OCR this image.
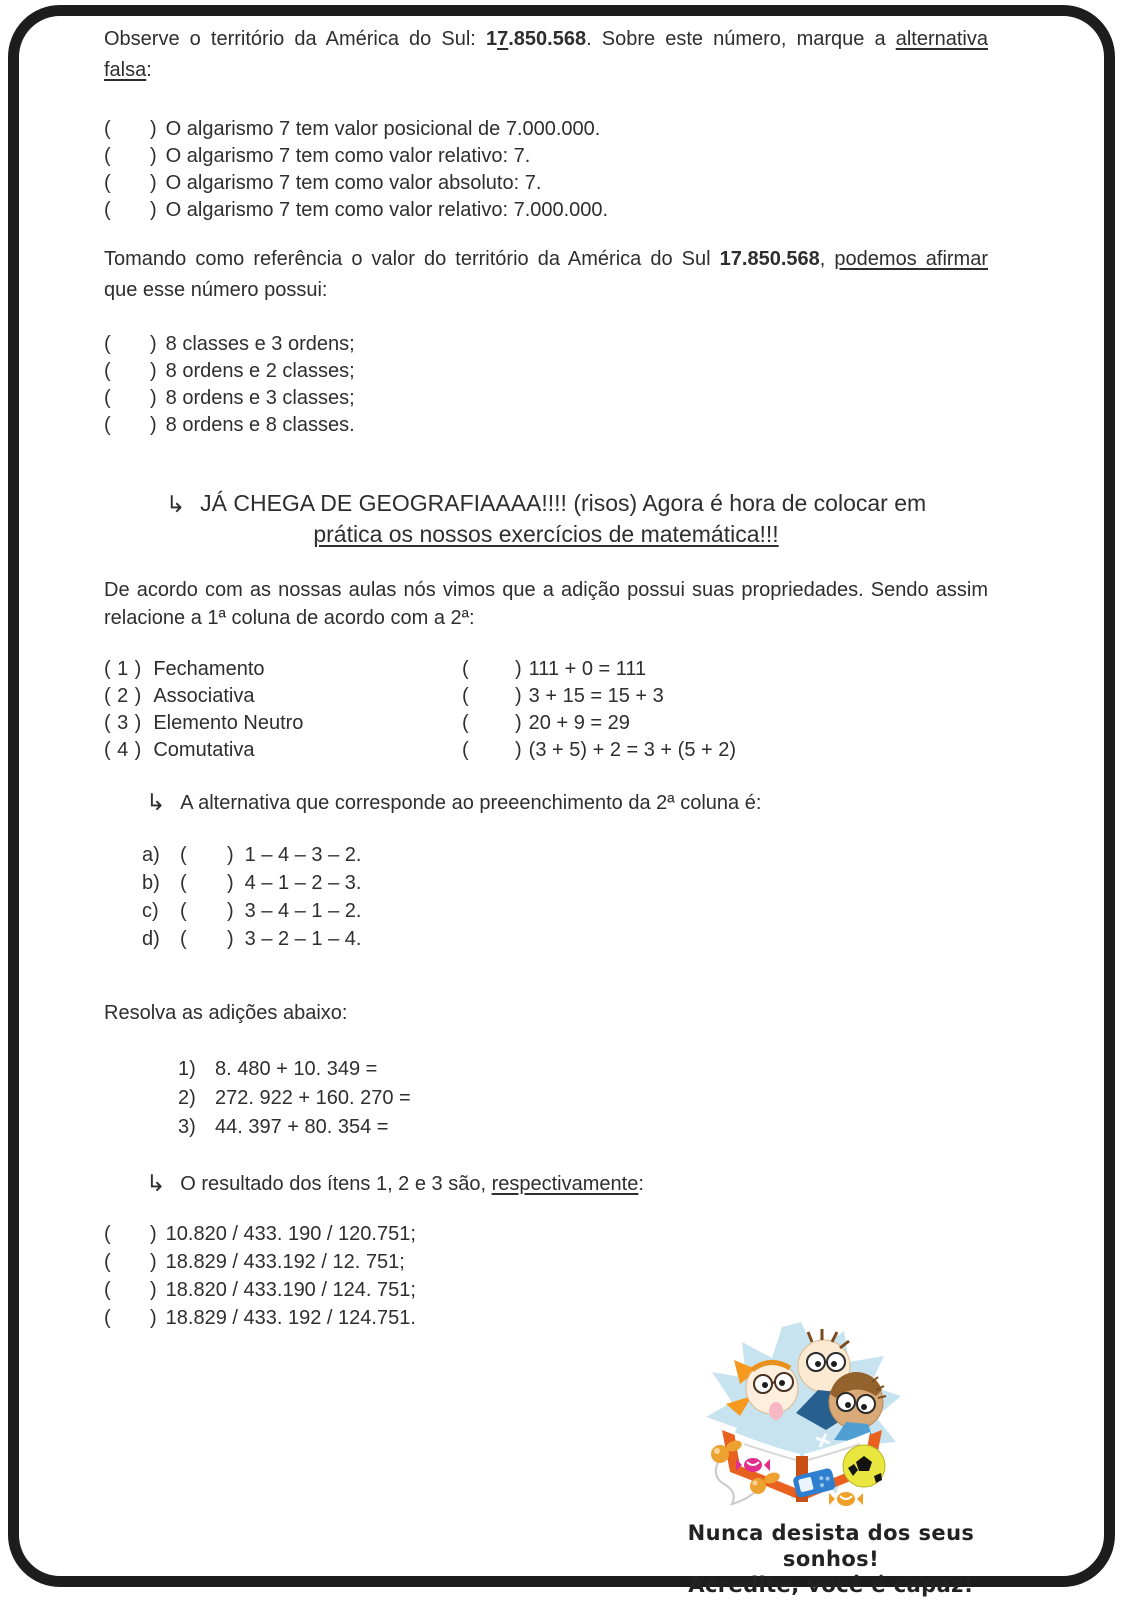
Observe o território da América do Sul: 17.850.568. Sobre este número, marque a alternativa
falsa:
( ) O algarismo 7 tem valor posicional de 7.000.000.
( ) O algarismo 7 tem como valor relativo: 7.
( ) O algarismo 7 tem como valor absoluto: 7.
( ) O algarismo 7 tem como valor relativo: 7.000.000.
Tomando como referência o valor do território da América do Sul 17.850.568, podemos afirmar
que esse número possui:
( ) 8 classes e 3 ordens;
( ) 8 ordens e 2 classes;
( ) 8 ordens e 3 classes;
( ) 8 ordens e 8 classes.
↳ JÁ CHEGA DE GEOGRAFIAAAA!!!! (risos) Agora é hora de colocar em
prática os nossos exercícios de matemática!!!
De acordo com as nossas aulas nós vimos que a adição possui suas propriedades. Sendo assim
relacione a 1ª coluna de acordo com a 2ª:
( 1 ) Fechamento
( 2 ) Associativa
( 3 ) Elemento Neutro
( 4 ) Comutativa
( ) 111 + 0 = 111
( ) 3 + 15 = 15 + 3
( ) 20 + 9 = 29
( ) (3 + 5) + 2 = 3 + (5 + 2)
↳ A alternativa que corresponde ao preeenchimento da 2ª coluna é:
a) ( ) 1 – 4 – 3 – 2.
b) ( ) 4 – 1 – 2 – 3.
c) ( ) 3 – 4 – 1 – 2.
d) ( ) 3 – 2 – 1 – 4.
Resolva as adições abaixo:
1) 8. 480 + 10. 349 =
2) 272. 922 + 160. 270 =
3) 44. 397 + 80. 354 =
↳ O resultado dos ítens 1, 2 e 3 são, respectivamente:
( ) 10.820 / 433. 190 / 120.751;
( ) 18.829 / 433.192 / 12. 751;
( ) 18.820 / 433.190 / 124. 751;
( ) 18.829 / 433. 192 / 124.751.
Nunca desista dos seus sonhos!
Acredite, você é capaz!
